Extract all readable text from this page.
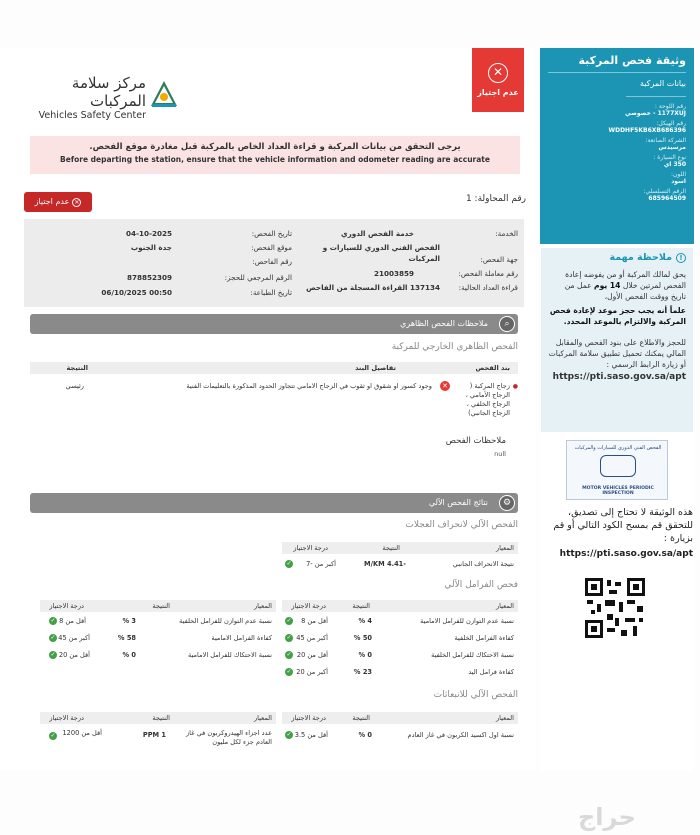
مركز سلامة المركبات
Vehicles Safety Center
✕
عدم اجتياز
يرجى التحقق من بيانات المركبة و قراءة العداد الخاص بالمركبة قبل مغادرة موقع الفحص.
Before departing the station, ensure that the vehicle information and odometer reading are accurate
رقم المحاولة: 1
عدم اجتياز ✕
الخدمة:
خدمة الفحص الدوري
جهة الفحص:
الفحص الفني الدوري للسيارات و
المركبات
رقم معاملة الفحص:
21003859
قراءة العداد الحالية:
137134 القراءة المسجلة من الفاحص
تاريخ الفحص:
04-10-2025
موقع الفحص:
جدة الجنوب
رقم الفاحص:
الرقم المرجعي للحجز:
878852309
تاريخ الطباعة:
00:50 06/10/2025
⌕
ملاحظات الفحص الظاهري
الفحص الظاهري الخارجي للمركبة
بند الفحص
تفاصيل البند
النتيجة
●
زجاج المركبة (
الزجاج الأمامي ،
الزجاج الخلفي ،
الزجاج الجانبي)
✕
وجود كسور او شقوق او ثقوب في الزجاج الامامي تتجاوز الحدود المذكورة بالتعليمات الفنية
رئيسي
ملاحظات الفحص
null
⚙
نتائج الفحص الآلي
الفحص الآلي لانحراف العجلات
المعيار
النتيجة
درجة الاجتياز
نتيجة الانحراف الجانبي
M/KM 4.41-
أكبر من -7
✓
فحص الفرامل الآلي
المعيار
النتيجة
درجة الاجتياز
نسبة عدم التوازن للفرامل الامامية
4 %
أقل من 8
✓
كفاءة الفرامل الخلفية
50 %
أكبر من 45
✓
نسبة الاحتكاك للفرامل الخلفية
0 %
أقل من 20
✓
كفاءة فرامل اليد
23 %
أكبر من 20
✓
المعيار
النتيجة
درجة الاجتياز
نسبة عدم التوازن للفرامل الخلفية
3 %
أقل من 8
✓
كفاءة الفرامل الامامية
58 %
أكبر من 45
✓
نسبة الاحتكاك للفرامل الامامية
0 %
أقل من 20
✓
الفحص الآلي للانبعاثات
المعيار
النتيجة
درجة الاجتياز
نسبة اول اكسيد الكربون في غاز العادم
0 %
أقل من 3.5
✓
المعيار
النتيجة
درجة الاجتياز
عدد اجزاء الهيدروكربون في غاز العادم جزء لكل مليون
PPM 1
أقل من 1200
✓
وثيقة فحص المركبة
بيانات المركبة
رقم اللوحة :
1177XUJ - خصوصي
رقم الهيكل:
WDDHF5KB6XB686396
الشركة الصانعة:
مرسيدس
نوع السيارة :
350 اي
اللون:
اسود
الرقم التسلسلي:
685964509
!
ملاحظة مهمة
يحق لمالك المركبة أو من يفوضه إعادة الفحص لمرتين خلال 14 يوم عمل من تاريخ ووقت الفحص الأول،
علماً أنه يجب حجز موعد لإعادة فحص المركبة والالتزام بالموعد المحدد.
للحجز والاطلاع على بنود الفحص والمقابل المالي يمكنك تحميل تطبيق سلامة المركبات أو زيارة الرابط الرسمي :
https://pti.saso.gov.sa/apt
الفحص الفني الدوري للسيارات والمركبات
MOTOR VEHICLES PERIODIC INSPECTION
هذه الوثيقة لا تحتاج إلى تصديق، للتحقق قم بمسح الكود التالي أو قم بزيارة :
https://pti.saso.gov.sa/apt
حراج
